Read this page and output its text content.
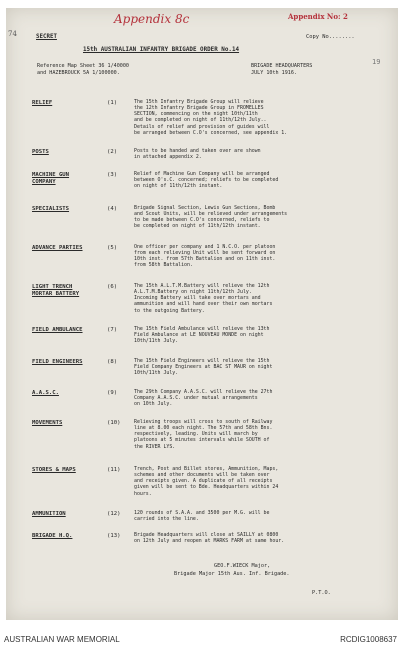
Appendix 8c	Appendix No: 2
74	SECRET	Copy No........
15th AUSTRALIAN INFANTRY BRIGADE ORDER No.14
Reference Map Sheet 36 1/40000
and HAZEBROUCK 5A 1/100000.
BRIGADE HEADQUARTERS
JULY 10th 1916.
19
RELIEF	(1)	The 15th Infantry Brigade Group will relieve
the 12th Infantry Brigade Group in FROMELLES
SECTION, commencing on the night 10th/11th
and be completed on night of 11th/12th July..
Details of relief and provision of guides will
be arranged between C.O's concerned, see appendix 1.
POSTS	(2)	Posts to be handed and taken over are shown
in attached appendix 2.
MACHINE GUN
COMPANY
(3)	Relief of Machine Gun Company will be arranged
between O's.C. concerned; reliefs to be completed
on night of 11th/12th instant.
SPECIALISTS	(4)	Brigade Signal Section, Lewis Gun Sections, Bomb
and Scout Units, will be relieved under arrangements
to be made between C.O's concerned, reliefs to
be completed on night of 11th/12th instant.
ADVANCE PARTIES	(5)	One officer per company and 1 N.C.O. per platoon
from each relieving Unit will be sent forward on
10th inst. from 57th Battalion and on 11th inst.
from 58th Battalion.
LIGHT TRENCH
MORTAR BATTERY
(6)	The 15th A.L.T.M.Battery will relieve the 12th
A.L.T.M.Battery on night 11th/12th July.
Incoming Battery will take over mortars and
ammunition and will hand over their own mortars
to the outgoing Battery.
FIELD AMBULANCE	(7)	The 15th Field Ambulance will relieve the 13th
Field Ambulance at LE NOUVEAU MONDE on night
10th/11th July.
FIELD ENGINEERS	(8)	The 15th Field Engineers will relieve the 15th
Field Company Engineers at BAC ST MAUR on night
10th/11th July.
A.A.S.C.	(9)	The 29th Company A.A.S.C. will relieve the 27th
Company A.A.S.C. under mutual arrangements
on 10th July.
MOVEMENTS	(10)	Relieving troops will cross to south of Railway
line at 8.00 each night. The 57th and 58th Bns.
respectively, leading. Units will march by
platoons at 5 minutes intervals while SOUTH of
the RIVER LYS.
STORES & MAPS	(11)	Trench, Post and Billet stores, Ammunition, Maps,
schemes and other documents will be taken over
and receipts given. A duplicate of all receipts
given will be sent to Bde. Headquarters within 24
hours.
AMMUNITION	(12)	120 rounds of S.A.A. and 3500 per M.G. will be
carried into the line.
BRIGADE H.Q.	(13)	Brigade Headquarters will close at SAILLY at 0800
on 12th July and reopen at MARKS FARM at same hour.
GEO.F.WIECK Major,
Brigade Major 15th Aus. Inf. Brigade.
P.T.O.
AUSTRALIAN WAR MEMORIAL	RCDIG1008637
